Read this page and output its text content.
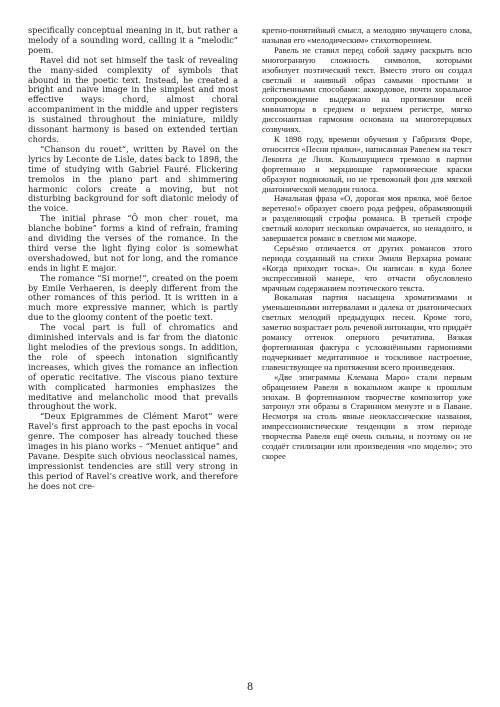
specifically conceptual meaning in it, but rather a melody of a sounding word, calling it a “melodic” poem.

Ravel did not set himself the task of revealing the many-sided complexity of symbols that abound in the poetic text. Instead, he created a bright and naive image in the simplest and most effective ways: chord, almost choral accompaniment in the middle and upper registers is sustained throughout the miniature, mildly dissonant harmony is based on extended tertian chords.

“Chanson du rouet”, written by Ravel on the lyrics by Leconte de Lisle, dates back to 1898, the time of studying with Gabriel Fauré. Flickering tremolos in the piano part and shimmering harmonic colors create a moving, but not disturbing background for soft diatonic melody of the voice.

The initial phrase “Ô mon cher rouet, ma blanche bobine” forms a kind of refrain, framing and dividing the verses of the romance. In the third verse the light flying color is somewhat overshadowed, but not for long, and the romance ends in light E major.

The romance “Si morne!”, created on the poem by Emile Verhaeren, is deeply different from the other romances of this period. It is written in a much more expressive manner, which is partly due to the gloomy content of the poetic text.

The vocal part is full of chromatics and diminished intervals and is far from the diatonic light melodies of the previous songs. In addition, the role of speech intonation significantly increases, which gives the romance an inflection of operatic recitative. The viscous piano texture with complicated harmonies emphasizes the meditative and melancholic mood that prevails throughout the work.

“Deux Epigrammes de Clément Marot” were Ravel’s first approach to the past epochs in vocal genre. The composer has already touched these images in his piano works – “Menuet antique” and Pavane. Despite such obvious neoclassical names, impressionist tendencies are still very strong in this period of Ravel’s creative work, and therefore he does not cre-

кретно-понятийный смысл, а мелодию звучащего слова, называя его «мелодическим» стихотворением.

Равель не ставил перед собой задачу раскрыть всю многогранную сложность символов, которыми изобилует поэтический текст. Вместо этого он создал светлый и наивный образ самыми простыми и действенными способами: аккордовое, почти хоральное сопровождение выдержано на протяжении всей миниатюры в среднем и верхнем регистре, мягко диссонантная гармония основана на многотерцовых созвучиях.

К 1898 году, времени обучения у Габриэля Форе, относится «Песня прялки», написанная Равелем на текст Леконта де Лиля. Колышущиеся тремоло в партии фортепиано и мерцающие гармонические краски образуют подвижный, но не тревожный фон для мягкой диатонической мелодии голоса.

Начальная фраза «О, дорогая моя прялка, моё белое веретено!» образует своего рода рефрен, обрамляющий и разделяющий строфы романса. В третьей строфе светлый колорит несколько омрачается, но ненадолго, и завершается романс в светлом ми мажоре.

Серьёзно отличается от других романсов этого периода созданный на стихи Эмиля Верхарна романс «Когда приходит тоска». Он написан в куда более экспрессивной манере, что отчасти обусловлено мрачным содержанием поэтического текста.

Вокальная партия насыщена хроматизмами и уменьшенными интервалами и далека от диатонических светлых мелодий предыдущих песен. Кроме того, заметно возрастает роль речевой интонации, что придаёт романсу оттенок оперного речитатива. Вязкая фортепианная фактура с усложнёнными гармониями подчеркивает медитативное и тоскливое настроение, главенствующее на протяжении всего произведения.

«Две эпиграммы Клемана Маро» стали первым обращением Равеля в вокальном жанре к прошлым эпохам. В фортепианном творчестве композитор уже затронул эти образы в Старинном менуэте и в Паване. Несмотря на столь явные неоклассические названия, импрессионистические тенденции в этом периоде творчества Равеля ещё очень сильны, и поэтому он не создаёт стилизации или произведения «по модели»; это скорее

8
